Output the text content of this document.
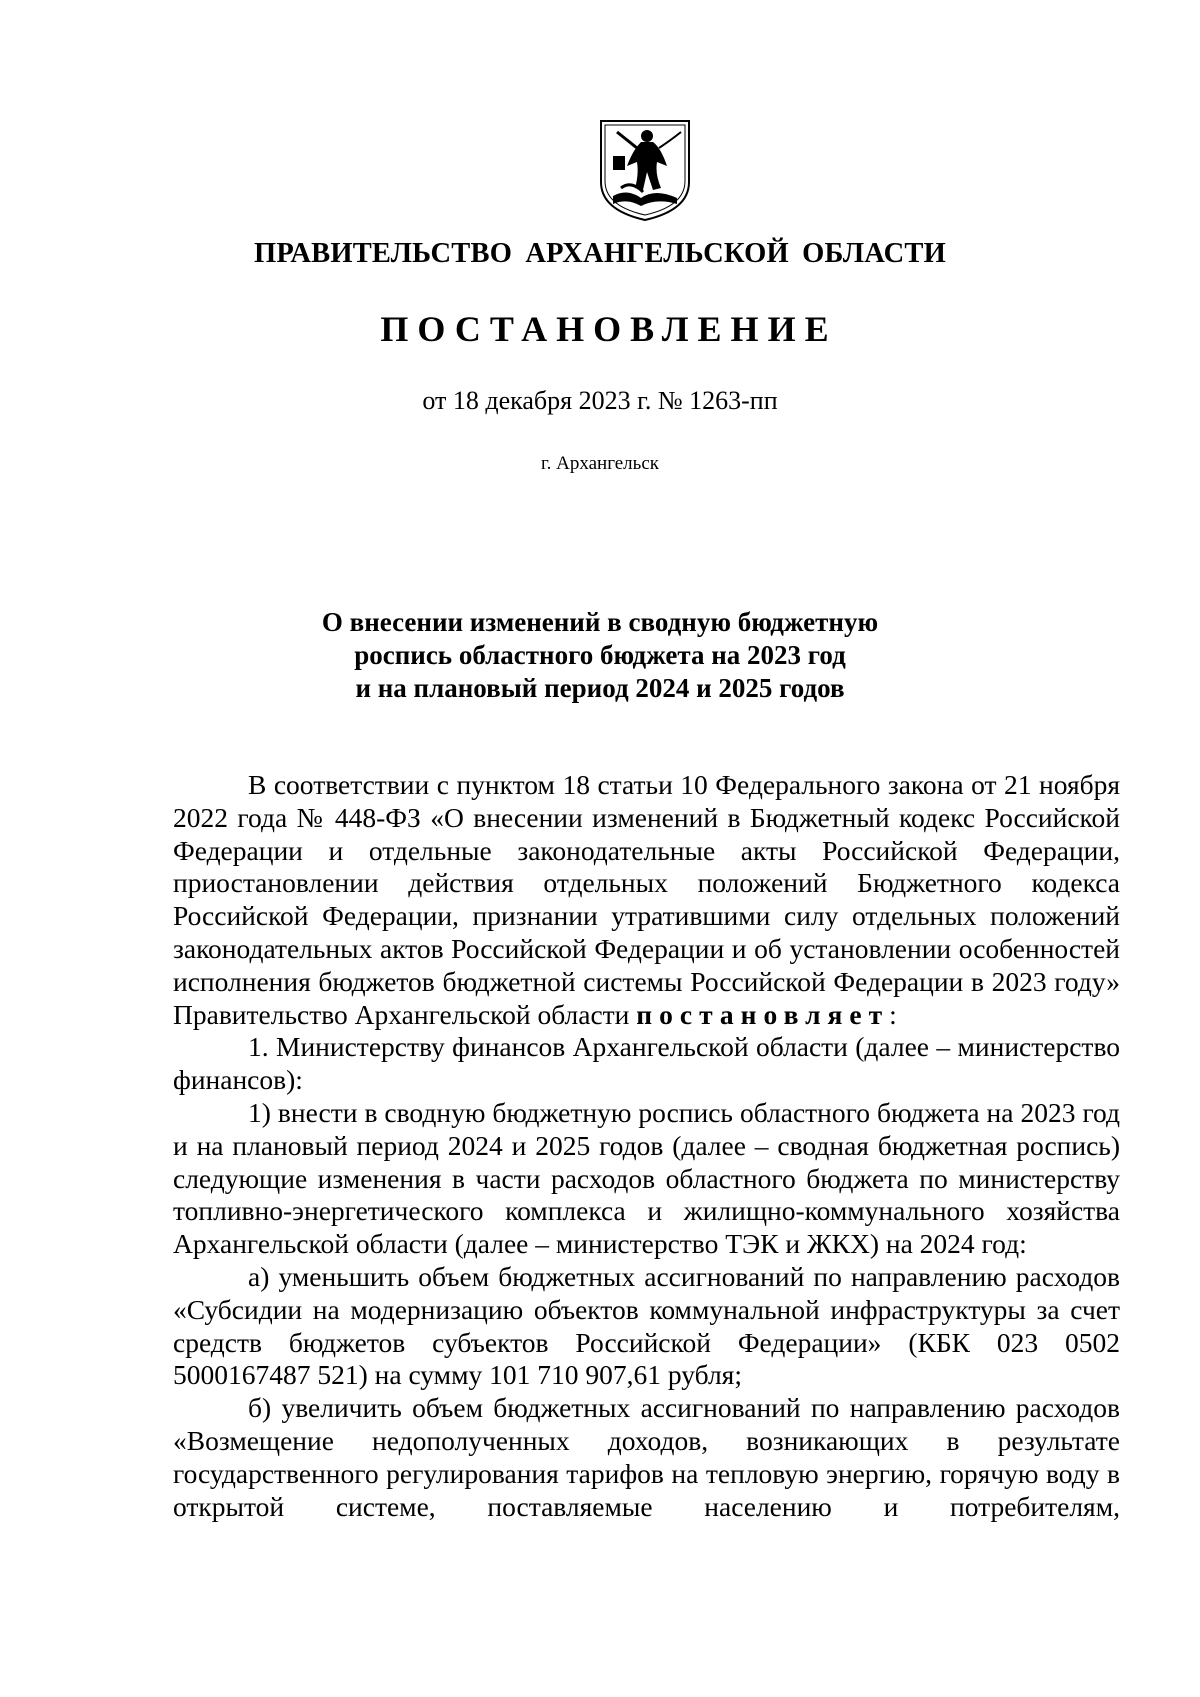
ПРАВИТЕЛЬСТВО АРХАНГЕЛЬСКОЙ ОБЛАСТИ
ПОСТАНОВЛЕНИЕ
от 18 декабря 2023 г. № 1263-пп
г. Архангельск
О внесении изменений в сводную бюджетную
роспись областного бюджета на 2023 год
и на плановый период 2024 и 2025 годов

В соответствии с пунктом 18 статьи 10 Федерального закона от 21 ноября 2022 года № 448-ФЗ «О внесении изменений в Бюджетный кодекс Российской Федерации и отдельные законодательные акты Российской Федерации, приостановлении действия отдельных положений Бюджетного кодекса Российской Федерации, признании утратившими силу отдельных положений законодательных актов Российской Федерации и об установлении особенностей исполнения бюджетов бюджетной системы Российской Федерации в 2023 году» Правительство Архангельской области постановляет:

1. Министерству финансов Архангельской области (далее – министерство финансов):

1) внести в сводную бюджетную роспись областного бюджета на 2023 год и на плановый период 2024 и 2025 годов (далее – сводная бюджетная роспись) следующие изменения в части расходов областного бюджета по министерству топливно-энергетического комплекса и жилищно-коммунального хозяйства Архангельской области (далее – министерство ТЭК и ЖКХ) на 2024 год:

а) уменьшить объем бюджетных ассигнований по направлению расходов «Субсидии на модернизацию объектов коммунальной инфраструктуры за счет средств бюджетов субъектов Российской Федерации» (КБК 023 0502 5000167487 521) на сумму 101 710 907,61 рубля;

б) увеличить объем бюджетных ассигнований по направлению расходов «Возмещение недополученных доходов, возникающих в результате государственного регулирования тарифов на тепловую энергию, горячую воду в открытой системе, поставляемые населению и потребителям,
